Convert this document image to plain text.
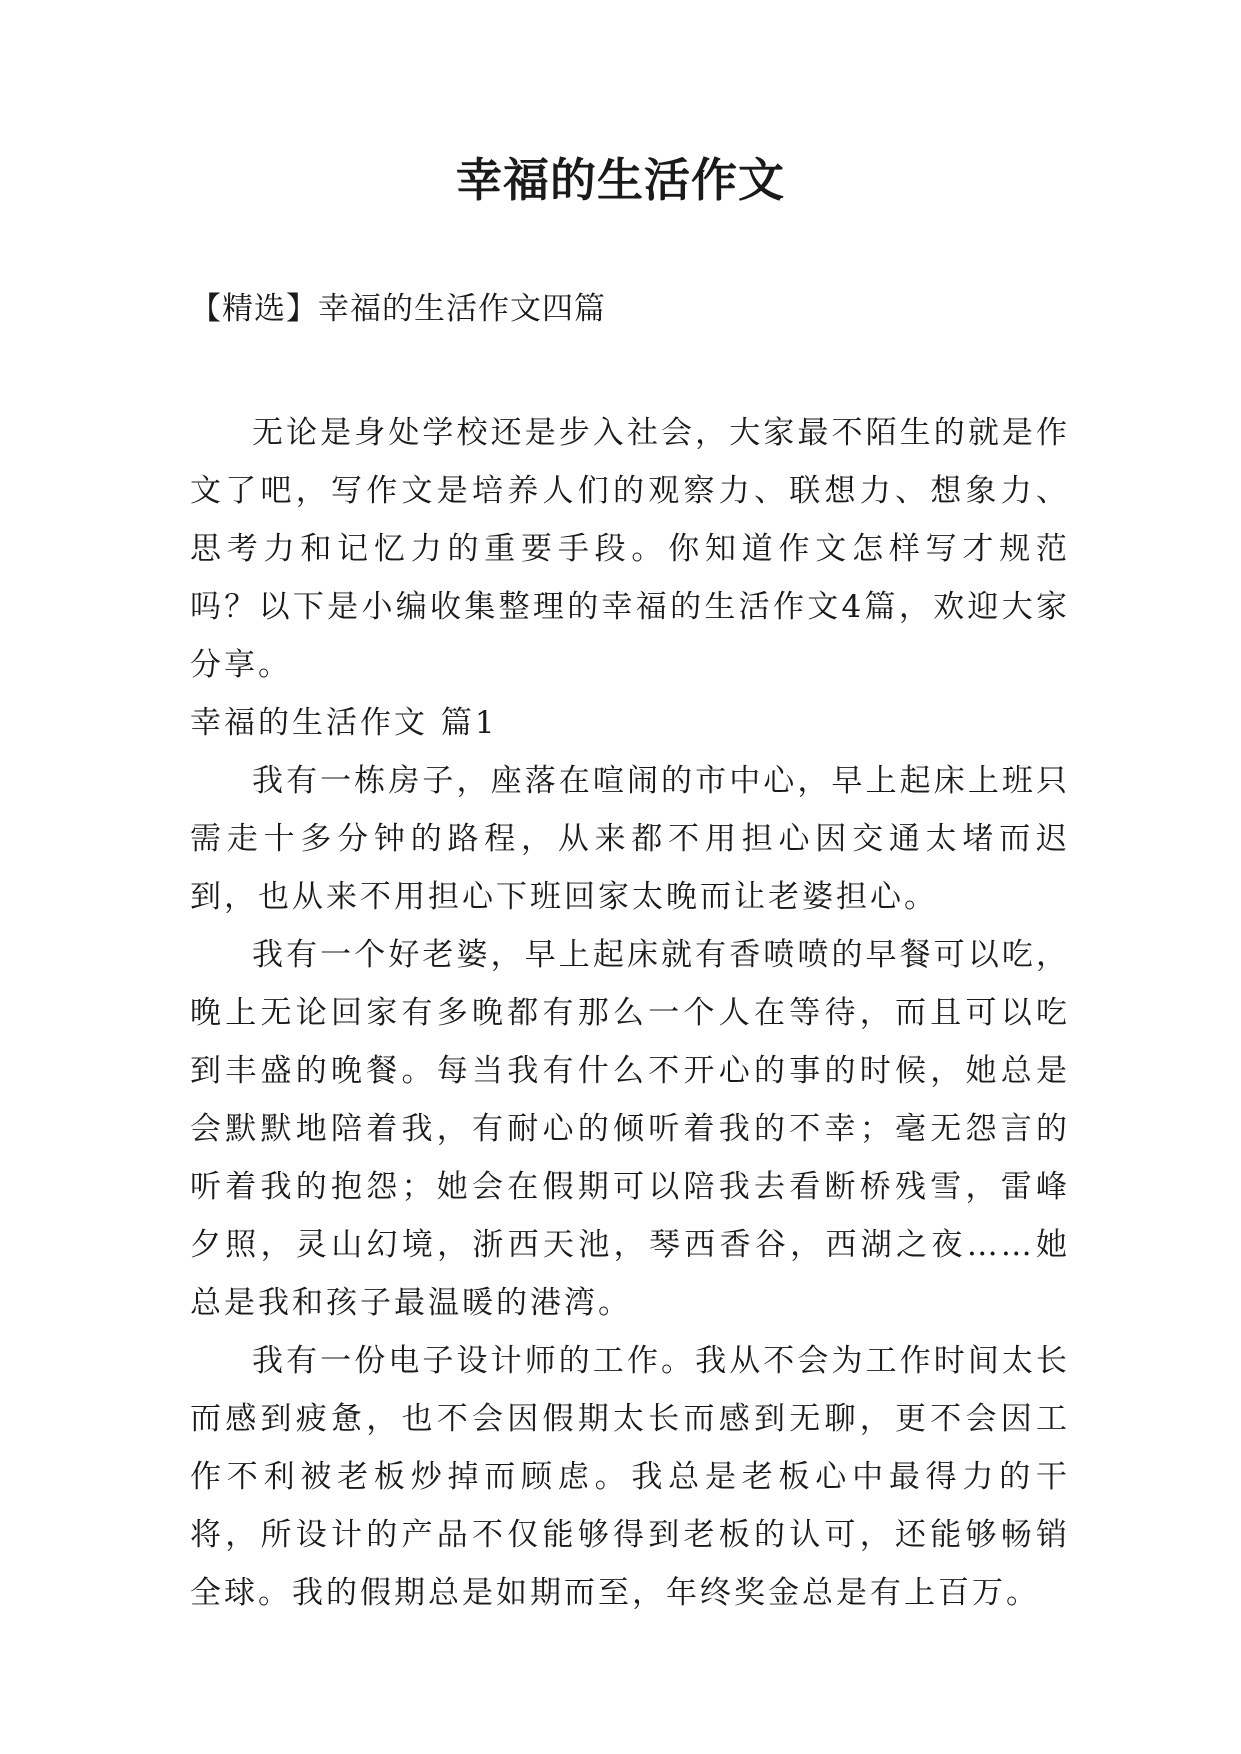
幸福的生活作文

【精选】幸福的生活作文四篇

无论是身处学校还是步入社会，大家最不陌生的就是作文了吧，写作文是培养人们的观察力、联想力、想象力、思考力和记忆力的重要手段。你知道作文怎样写才规范吗？以下是小编收集整理的幸福的生活作文4篇，欢迎大家分享。

幸福的生活作文 篇1

我有一栋房子，座落在喧闹的市中心，早上起床上班只需走十多分钟的路程，从来都不用担心因交通太堵而迟到，也从来不用担心下班回家太晚而让老婆担心。

我有一个好老婆，早上起床就有香喷喷的早餐可以吃，晚上无论回家有多晚都有那么一个人在等待，而且可以吃到丰盛的晚餐。每当我有什么不开心的事的时候，她总是会默默地陪着我，有耐心的倾听着我的不幸；毫无怨言的听着我的抱怨；她会在假期可以陪我去看断桥残雪，雷峰夕照，灵山幻境，浙西天池，琴西香谷，西湖之夜……她总是我和孩子最温暖的港湾。

我有一份电子设计师的工作。我从不会为工作时间太长而感到疲惫，也不会因假期太长而感到无聊，更不会因工作不利被老板炒掉而顾虑。我总是老板心中最得力的干将，所设计的产品不仅能够得到老板的认可，还能够畅销全球。我的假期总是如期而至，年终奖金总是有上百万。
